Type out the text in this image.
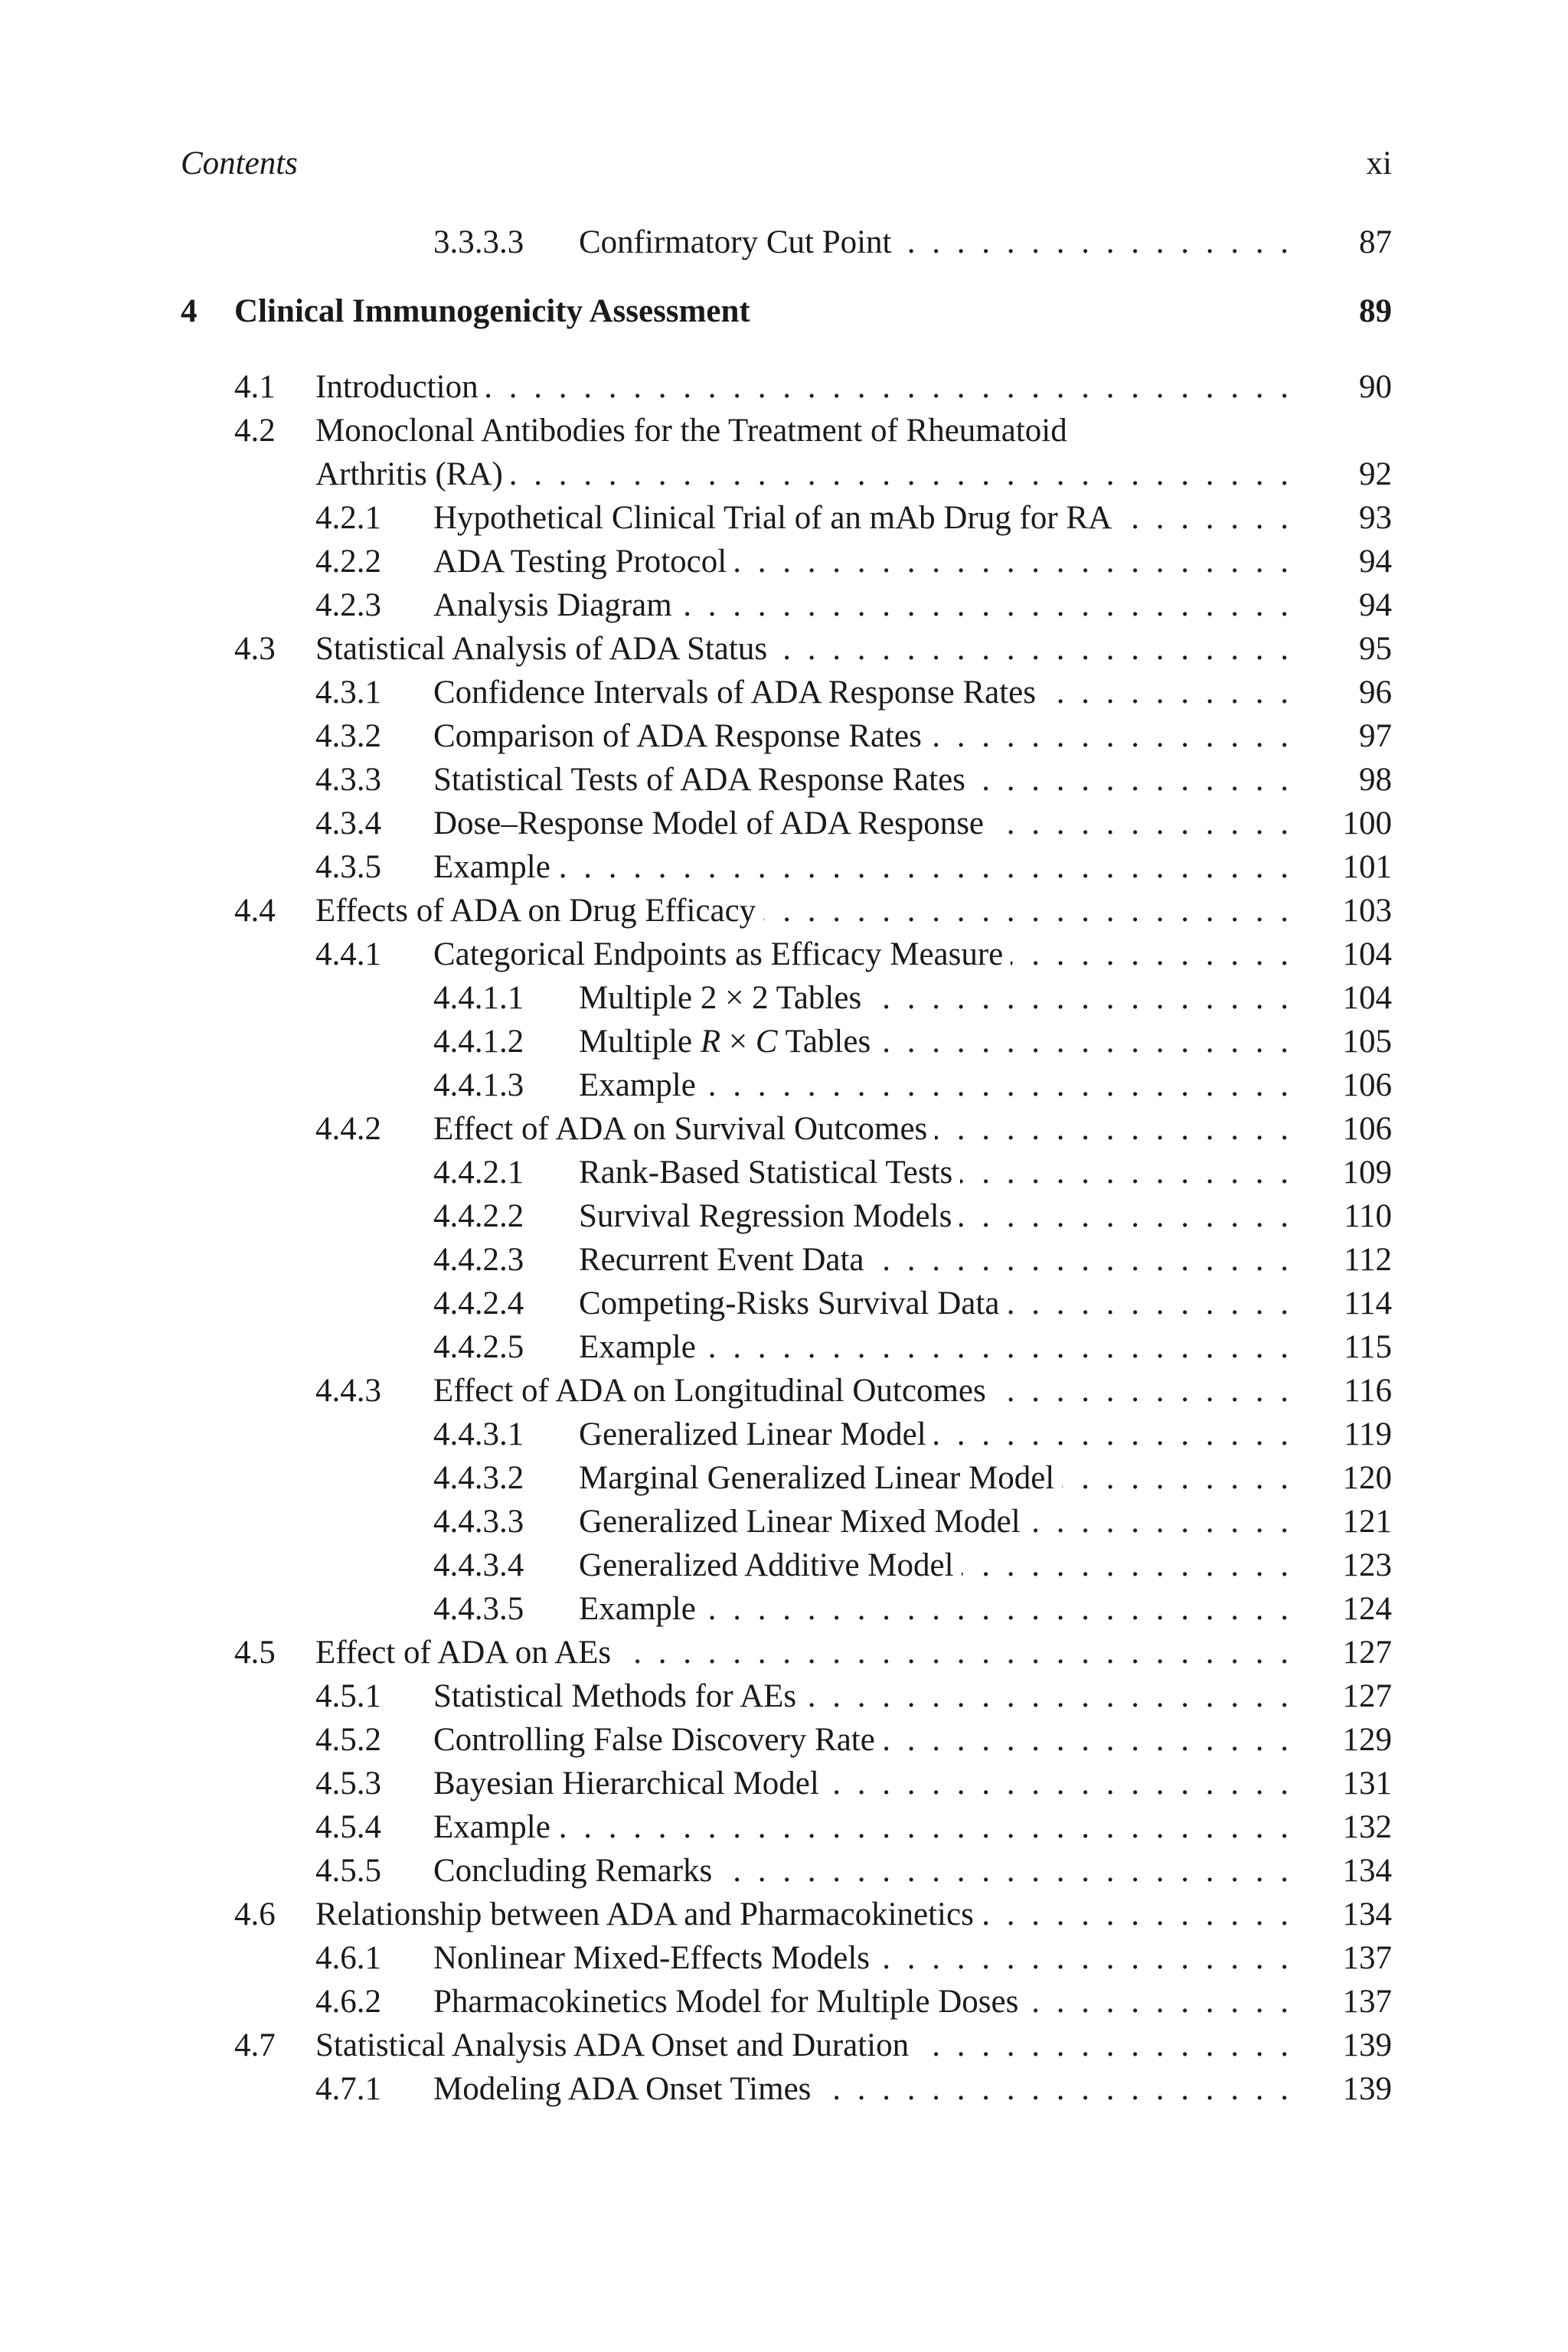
Contents	xi
3.3.3.3 . . . Confirmatory Cut Point	87
4 Clinical Immunogenicity Assessment	89
4.1 . . . Introduction	90
4.2 Monoclonal Antibodies for the Treatment of Rheumatoid
. . .
Arthritis (RA)	92
4.2.1 . . . Hypothetical Clinical Trial of an mAb Drug for RA	93
4.2.2 . . . ADA Testing Protocol	94
4.2.3 . . . Analysis Diagram	94
4.3 . . . Statistical Analysis of ADA Status	95
4.3.1 . . . Confidence Intervals of ADA Response Rates	96
4.3.2 . . . Comparison of ADA Response Rates	97
4.3.3 . . . Statistical Tests of ADA Response Rates	98
4.3.4 . . . Dose–Response Model of ADA Response	100
4.3.5 . . . Example	101
4.4 . . . Effects of ADA on Drug Efficacy	103
4.4.1 . . . Categorical Endpoints as Efficacy Measure	104
4.4.1.1 . . . Multiple 2 × 2 Tables	104
4.4.1.2 . . . Multiple R × C Tables	105
4.4.1.3 . . . Example	106
4.4.2 . . . Effect of ADA on Survival Outcomes	106
4.4.2.1 . . . Rank-Based Statistical Tests	109
4.4.2.2 . . . Survival Regression Models	110
4.4.2.3 . . . Recurrent Event Data	112
4.4.2.4 . . . Competing-Risks Survival Data	114
4.4.2.5 . . . Example	115
4.4.3 . . . Effect of ADA on Longitudinal Outcomes	116
4.4.3.1 . . . Generalized Linear Model	119
4.4.3.2 . . . Marginal Generalized Linear Model	120
4.4.3.3 . . . Generalized Linear Mixed Model	121
4.4.3.4 . . . Generalized Additive Model	123
4.4.3.5 . . . Example	124
4.5 . . . Effect of ADA on AEs	127
4.5.1 . . . Statistical Methods for AEs	127
4.5.2 . . . Controlling False Discovery Rate	129
4.5.3 . . . Bayesian Hierarchical Model	131
4.5.4 . . . Example	132
4.5.5 . . . Concluding Remarks	134
4.6 . . . Relationship between ADA and Pharmacokinetics	134
4.6.1 . . . Nonlinear Mixed-Effects Models	137
4.6.2 . . . Pharmacokinetics Model for Multiple Doses	137
4.7 . . . Statistical Analysis ADA Onset and Duration	139
4.7.1 . . . Modeling ADA Onset Times	139
